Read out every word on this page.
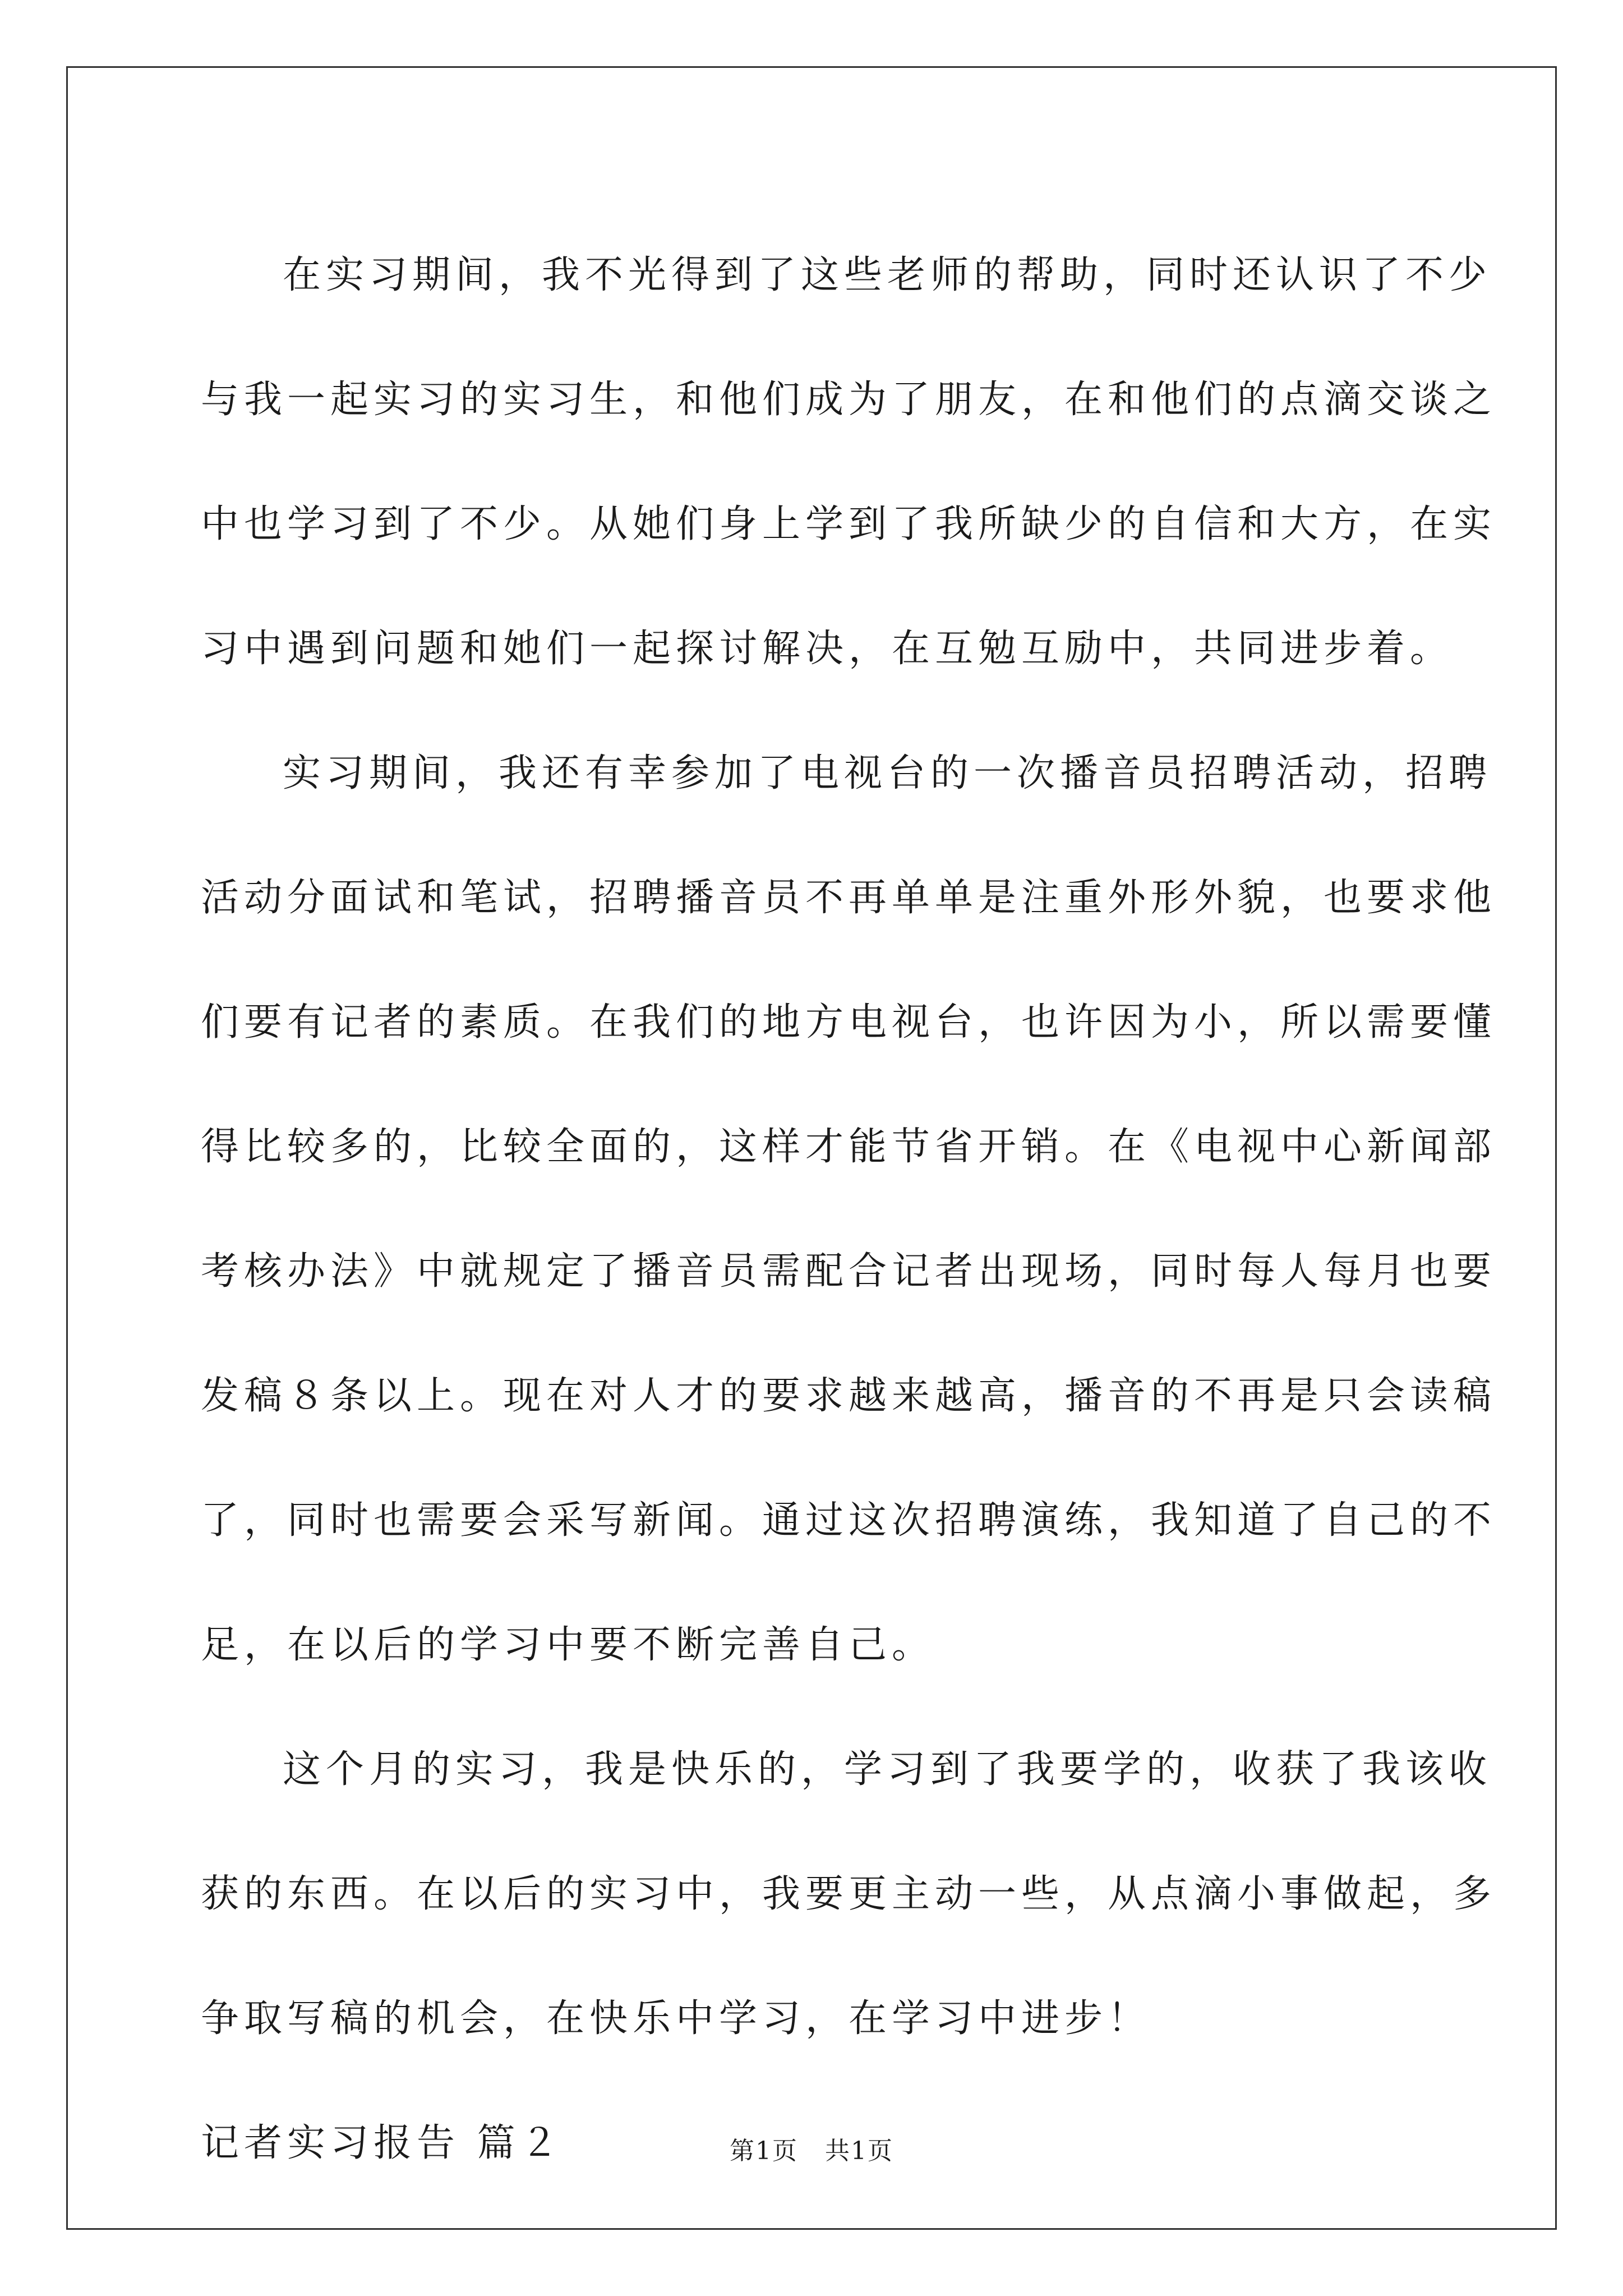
在实习期间，我不光得到了这些老师的帮助，同时还认识了不少
与我一起实习的实习生，和他们成为了朋友，在和他们的点滴交谈之
中也学习到了不少。从她们身上学到了我所缺少的自信和大方，在实
习中遇到问题和她们一起探讨解决，在互勉互励中，共同进步着。
实习期间，我还有幸参加了电视台的一次播音员招聘活动，招聘
活动分面试和笔试，招聘播音员不再单单是注重外形外貌，也要求他
们要有记者的素质。在我们的地方电视台，也许因为小，所以需要懂
得比较多的，比较全面的，这样才能节省开销。在《电视中心新闻部
考核办法》中就规定了播音员需配合记者出现场，同时每人每月也要
发稿８条以上。现在对人才的要求越来越高，播音的不再是只会读稿
了，同时也需要会采写新闻。通过这次招聘演练，我知道了自己的不
足，在以后的学习中要不断完善自己。
这个月的实习，我是快乐的，学习到了我要学的，收获了我该收
获的东西。在以后的实习中，我要更主动一些，从点滴小事做起，多
争取写稿的机会，在快乐中学习，在学习中进步！
记者实习报告 篇２	第1页 共1页
